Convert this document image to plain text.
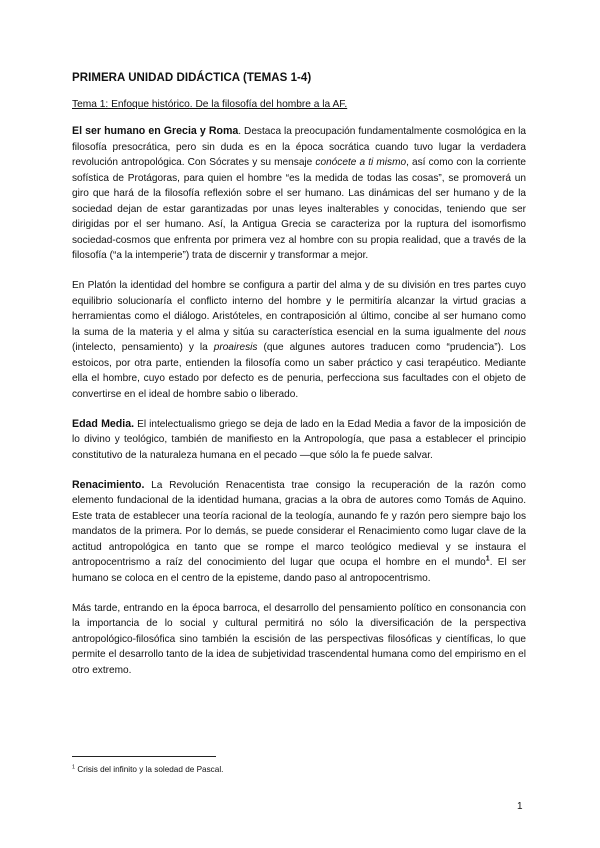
PRIMERA UNIDAD DIDÁCTICA (TEMAS 1-4)
Tema 1: Enfoque histórico. De la filosofía del hombre a la AF.

El ser humano en Grecia y Roma. Destaca la preocupación fundamentalmente cosmológica en la filosofía presocrática, pero sin duda es en la época socrática cuando tuvo lugar la verdadera revolución antropológica. Con Sócrates y su mensaje conócete a ti mismo, así como con la corriente sofística de Protágoras, para quien el hombre “es la medida de todas las cosas”, se promoverá un giro que hará de la filosofía reflexión sobre el ser humano. Las dinámicas del ser humano y de la sociedad dejan de estar garantizadas por unas leyes inalterables y conocidas, teniendo que ser dirigidas por el ser humano. Así, la Antigua Grecia se caracteriza por la ruptura del isomorfismo sociedad-cosmos que enfrenta por primera vez al hombre con su propia realidad, que a través de la filosofía (“a la intemperie”) trata de discernir y transformar a mejor.

En Platón la identidad del hombre se configura a partir del alma y de su división en tres partes cuyo equilibrio solucionaría el conflicto interno del hombre y le permitiría alcanzar la virtud gracias a herramientas como el diálogo. Aristóteles, en contraposición al último, concibe al ser humano como la suma de la materia y el alma y sitúa su característica esencial en la suma igualmente del nous (intelecto, pensamiento) y la proairesis (que algunes autores traducen como “prudencia”). Los estoicos, por otra parte, entienden la filosofía como un saber práctico y casi terapéutico. Mediante ella el hombre, cuyo estado por defecto es de penuria, perfecciona sus facultades con el objeto de convertirse en el ideal de hombre sabio o liberado.

Edad Media. El intelectualismo griego se deja de lado en la Edad Media a favor de la imposición de lo divino y teológico, también de manifiesto en la Antropología, que pasa a establecer el principio constitutivo de la naturaleza humana en el pecado —que sólo la fe puede salvar.

Renacimiento. La Revolución Renacentista trae consigo la recuperación de la razón como elemento fundacional de la identidad humana, gracias a la obra de autores como Tomás de Aquino. Este trata de establecer una teoría racional de la teología, aunando fe y razón pero siempre bajo los mandatos de la primera. Por lo demás, se puede considerar el Renacimiento como lugar clave de la actitud antropológica en tanto que se rompe el marco teológico medieval y se instaura el antropocentrismo a raíz del conocimiento del lugar que ocupa el hombre en el mundo$^1$. El ser humano se coloca en el centro de la episteme, dando paso al antropocentrismo.

Más tarde, entrando en la época barroca, el desarrollo del pensamiento político en consonancia con la importancia de lo social y cultural permitirá no sólo la diversificación de la perspectiva antropológico-filosófica sino también la escisión de las perspectivas filosóficas y científicas, lo que permite el desarrollo tanto de la idea de subjetividad trascendental humana como del empirismo en el otro extremo.

$^1$ Crisis del infinito y la soledad de Pascal.
1
